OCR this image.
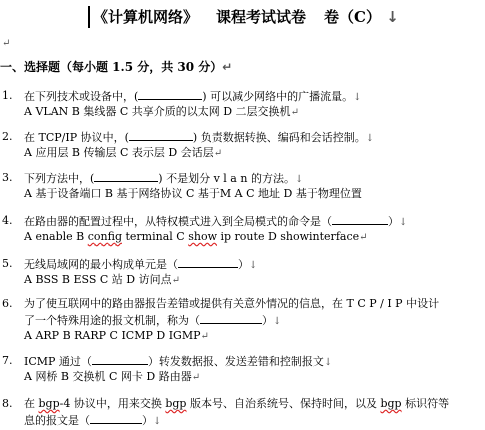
《计算机网络》 课程考试试卷 卷（C） ↓
↵
一、选择题（每小题 1.5 分，共 30 分）↵
1. 在下列技术或设备中，(	) 可以减少网络中的广播流量。↓
A VLAN B 集线器 C 共享介质的以太网 D 二层交换机↵
2. 在 TCP/IP 协议中，(	) 负责数据转换、编码和会话控制。↓
A 应用层 B 传输层 C 表示层 D 会话层↵
3. 下列方法中，(	) 不是划分 v l a n 的方法。↓
A 基于设备端口 B 基于网络协议 C 基于M A C 地址 D 基于物理位置
4. 在路由器的配置过程中，从特权模式进入到全局模式的命令是（	）↓
A enable B config terminal C show ip route D showinterface↵
5. 无线局域网的最小构成单元是（	）↓
A BSS B ESS C 站 D 访问点↵
6. 为了使互联网中的路由器报告差错或提供有关意外情况的信息，在 T C P / I P 中设计
了一个特殊用途的报文机制，称为（	）↓
A ARP B RARP C ICMP D IGMP↵
7. ICMP 通过（	）转发数据报、发送差错和控制报文↓
A 网桥 B 交换机 C 网卡 D 路由器↵
8. 在 bgp-4 协议中，用来交换 bgp 版本号、自治系统号、保持时间，以及 bgp 标识符等
息的报文是（	）↓
